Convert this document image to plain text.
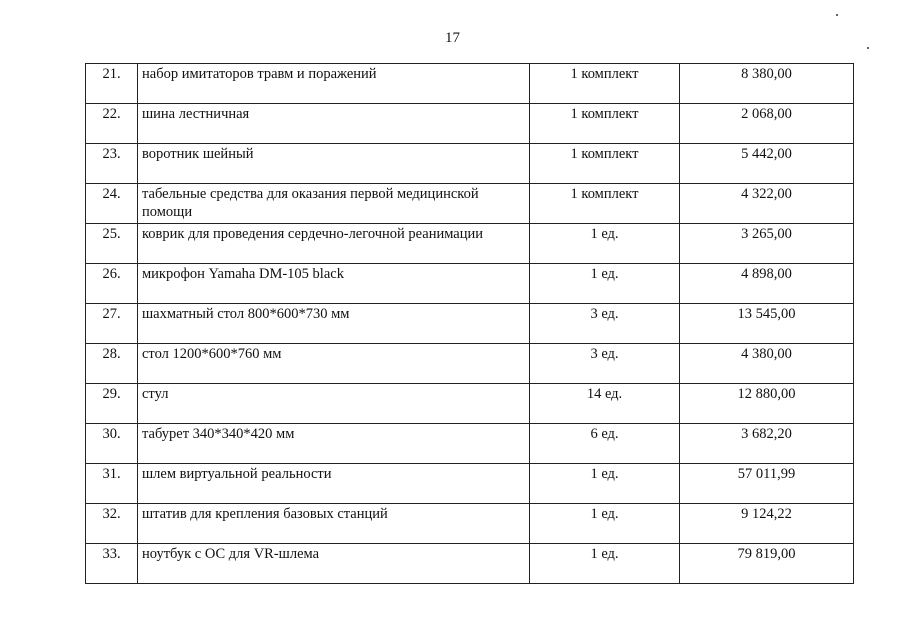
17
21.	набор имитаторов травм и поражений	1 комплект	8 380,00
22.	шина лестничная	1 комплект	2 068,00
23.	воротник шейный	1 комплект	5 442,00
24.	табельные средства для оказания первой медицинской помощи	1 комплект	4 322,00
25.	коврик для проведения сердечно-легочной реанимации	1 ед.	3 265,00
26.	микрофон Yamaha DM-105 black	1 ед.	4 898,00
27.	шахматный стол 800*600*730 мм	3 ед.	13 545,00
28.	стол 1200*600*760 мм	3 ед.	4 380,00
29.	стул	14 ед.	12 880,00
30.	табурет 340*340*420 мм	6 ед.	3 682,20
31.	шлем виртуальной реальности	1 ед.	57 011,99
32.	штатив для крепления базовых станций	1 ед.	9 124,22
33.	ноутбук с ОС для VR-шлема	1 ед.	79 819,00
